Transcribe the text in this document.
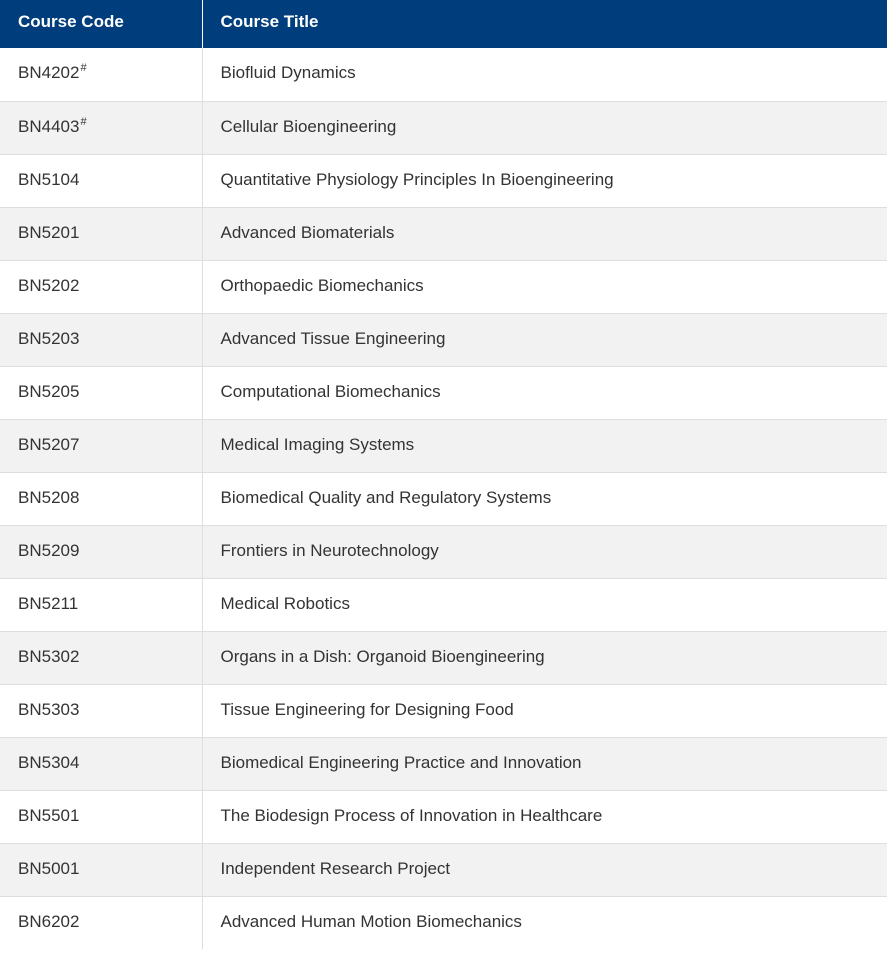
Course Code	Course Title
BN4202#	Biofluid Dynamics
BN4403#	Cellular Bioengineering
BN5104	Quantitative Physiology Principles In Bioengineering
BN5201	Advanced Biomaterials
BN5202	Orthopaedic Biomechanics
BN5203	Advanced Tissue Engineering
BN5205	Computational Biomechanics
BN5207	Medical Imaging Systems
BN5208	Biomedical Quality and Regulatory Systems
BN5209	Frontiers in Neurotechnology
BN5211	Medical Robotics
BN5302	Organs in a Dish: Organoid Bioengineering
BN5303	Tissue Engineering for Designing Food
BN5304	Biomedical Engineering Practice and Innovation
BN5501	The Biodesign Process of Innovation in Healthcare
BN5001	Independent Research Project
BN6202	Advanced Human Motion Biomechanics
